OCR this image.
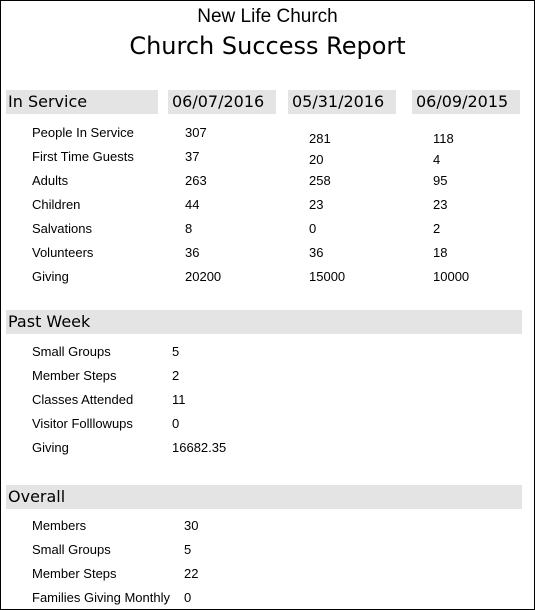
New Life Church
Church Success Report
In Service	06/07/2016	05/31/2016	06/09/2015
People In Service	307	281	118
First Time Guests	37	20	4
Adults	263	258	95
Children	44	23	23
Salvations	8	0	2
Volunteers	36	36	18
Giving	20200	15000	10000
Past Week
Small Groups	5
Member Steps	2
Classes Attended	11
Visitor Folllowups	0
Giving	16682.35
Overall
Members	30
Small Groups	5
Member Steps	22
Families Giving Monthly 0
